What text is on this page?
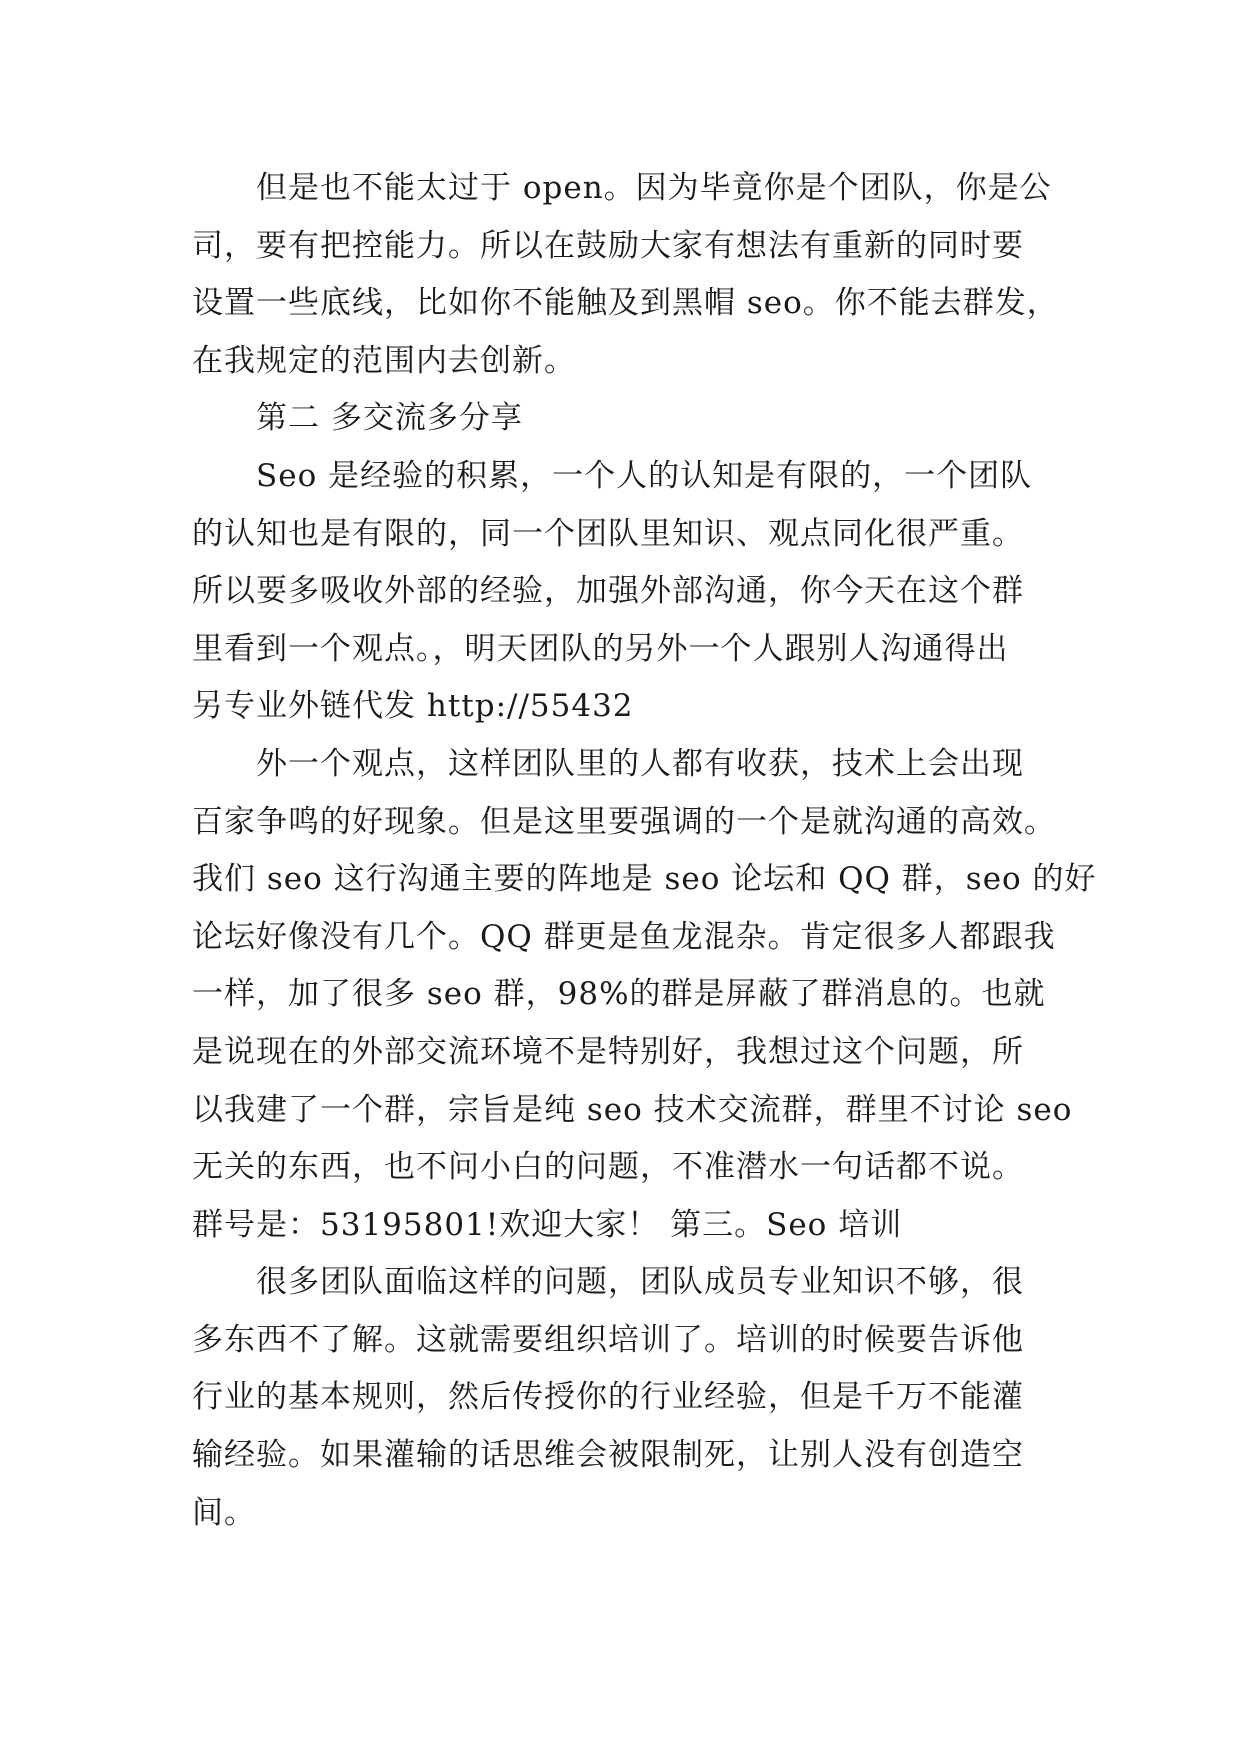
但是也不能太过于 open。因为毕竟你是个团队，你是公
司，要有把控能力。所以在鼓励大家有想法有重新的同时要
设置一些底线，比如你不能触及到黑帽 seo。你不能去群发，
在我规定的范围内去创新。
第二 多交流多分享
Seo 是经验的积累，一个人的认知是有限的，一个团队
的认知也是有限的，同一个团队里知识、观点同化很严重。
所以要多吸收外部的经验，加强外部沟通，你今天在这个群
里看到一个观点。，明天团队的另外一个人跟别人沟通得出
另专业外链代发 http://55432
外一个观点，这样团队里的人都有收获，技术上会出现
百家争鸣的好现象。但是这里要强调的一个是就沟通的高效。
我们 seo 这行沟通主要的阵地是 seo 论坛和 QQ 群，seo 的好
论坛好像没有几个。QQ 群更是鱼龙混杂。肯定很多人都跟我
一样，加了很多 seo 群，98%的群是屏蔽了群消息的。也就
是说现在的外部交流环境不是特别好，我想过这个问题，所
以我建了一个群，宗旨是纯 seo 技术交流群，群里不讨论 seo
无关的东西，也不问小白的问题，不准潜水一句话都不说。
群号是：53195801!欢迎大家！ 第三。Seo 培训
很多团队面临这样的问题，团队成员专业知识不够，很
多东西不了解。这就需要组织培训了。培训的时候要告诉他
行业的基本规则，然后传授你的行业经验，但是千万不能灌
输经验。如果灌输的话思维会被限制死，让别人没有创造空
间。
